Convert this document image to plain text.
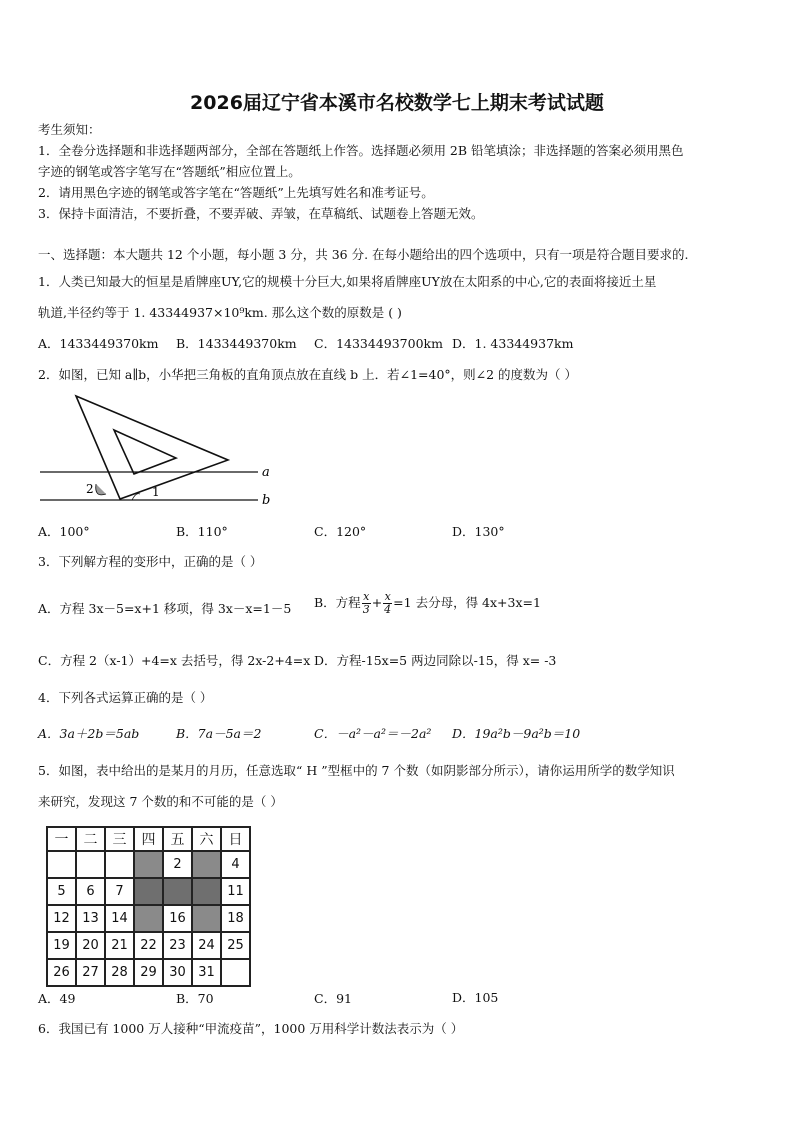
2026届辽宁省本溪市名校数学七上期末考试试题
考生须知：
1．全卷分选择题和非选择题两部分，全部在答题纸上作答。选择题必须用 2B 铅笔填涂；非选择题的答案必须用黑色
字迹的钢笔或答字笔写在“答题纸”相应位置上。
2．请用黑色字迹的钢笔或答字笔在“答题纸”上先填写姓名和准考证号。
3．保持卡面清洁，不要折叠，不要弄破、弄皱，在草稿纸、试题卷上答题无效。
一、选择题：本大题共 12 个小题，每小题 3 分，共 36 分. 在每小题给出的四个选项中，只有一项是符合题目要求的.
1．人类已知最大的恒星是盾牌座UY,它的规模十分巨大,如果将盾牌座UY放在太阳系的中心,它的表面将接近土星
轨道,半径约等于 1. 43344937×10⁹km. 那么这个数的原数是 ( )
A．1433449370km B．1433449370km C．14334493700km D．1. 43344937km
2．如图，已知 a∥b，小华把三角板的直角顶点放在直线 b 上．若∠1=40°，则∠2 的度数为（ ）
a
b
1
2
A．100°	B．110°	C．120°	D．130°
3．下列解方程的变形中，正确的是（ ）
A．方程 3x－5=x+1 移项，得 3x－x=1－5 B．方程 $\frac{x}{3} + \frac{x}{4} =1$ 去分母，得 4x+3x=1
C．方程 2（x-1）+4=x 去括号，得 2x-2+4=x D．方程-15x=5 两边同除以-15，得 x= -3
4．下列各式运算正确的是（ ）
A．3a＋2b＝5ab	B．7a－5a＝2	C．－a²－a²＝－2a² D．19a²b－9a²b＝10
5．如图，表中给出的是某月的月历，任意选取“ H ”型框中的 7 个数（如阴影部分所示），请你运用所学的数学知识
来研究，发现这 7 个数的和不可能的是（ ）
一	二	三	四	五	六	日
				2		4
5	6	7				11
12	13	14		16		18
19	20	21	22	23	24	25
26	27	28	29	30	31	
A．49	B．70	C．91	D．105
6．我国已有 1000 万人接种“甲流疫苗”，1000 万用科学计数法表示为（ ）
